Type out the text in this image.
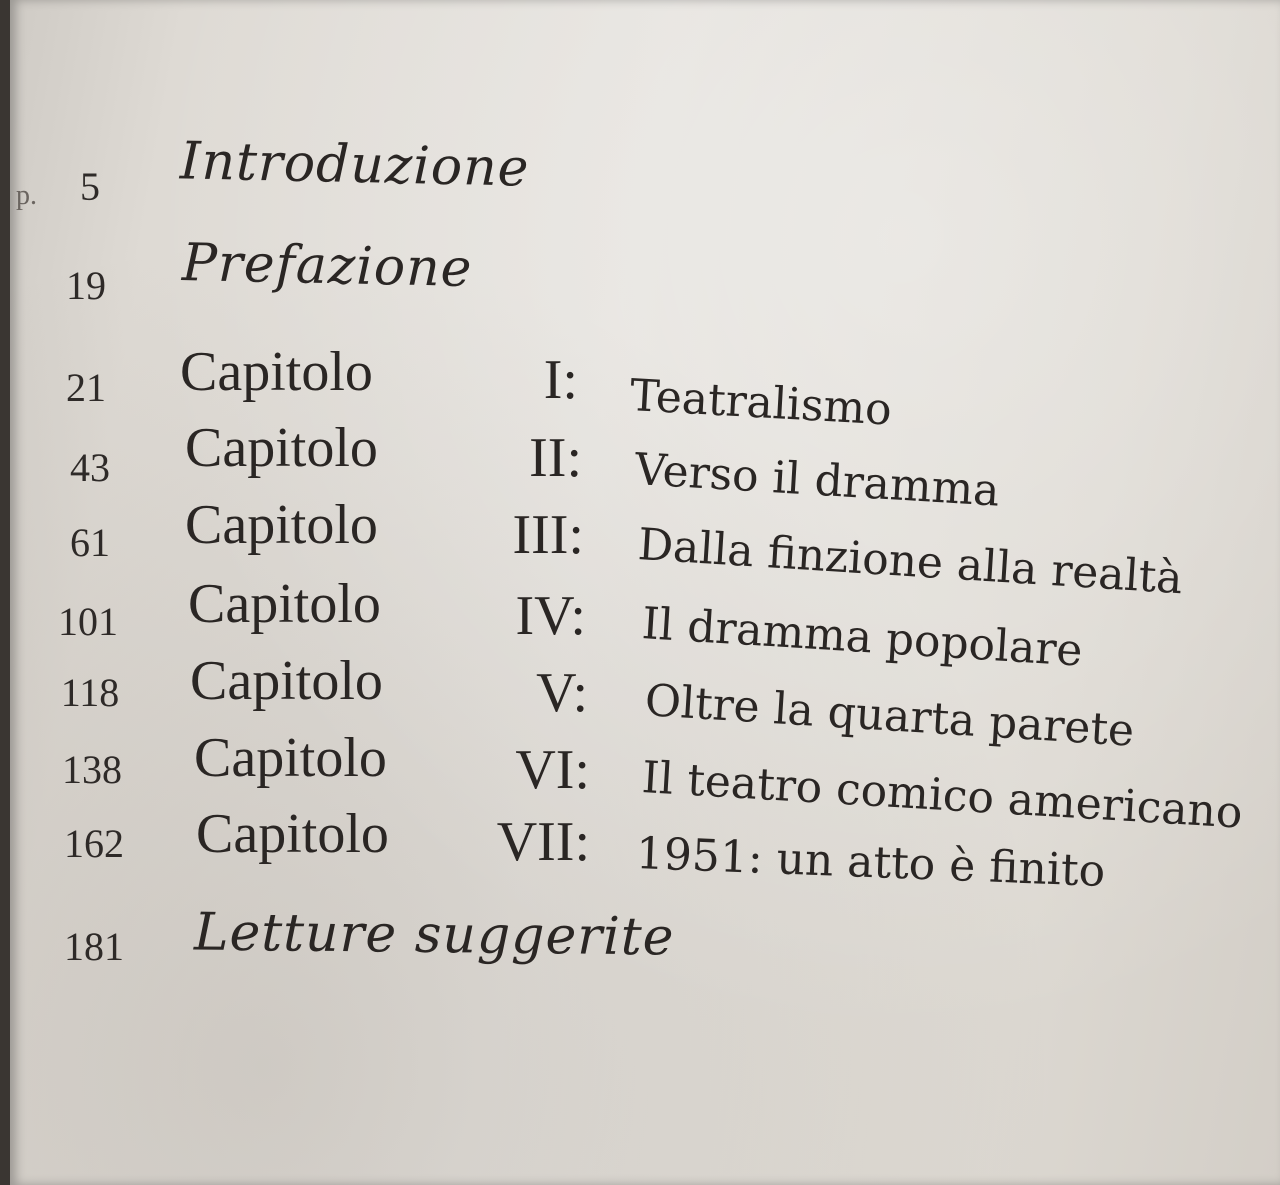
p.	5	Introduzione
19	Prefazione
21	Capitolo	I: Teatralismo
43	Capitolo	II: Verso il dramma
61	Capitolo	III: Dalla finzione alla realtà
101	Capitolo	IV: Il dramma popolare
118	Capitolo	V: Oltre la quarta parete
138	Capitolo	VI: Il teatro comico americano
162	Capitolo	VII: 1951: un atto è finito
181	Letture suggerite
